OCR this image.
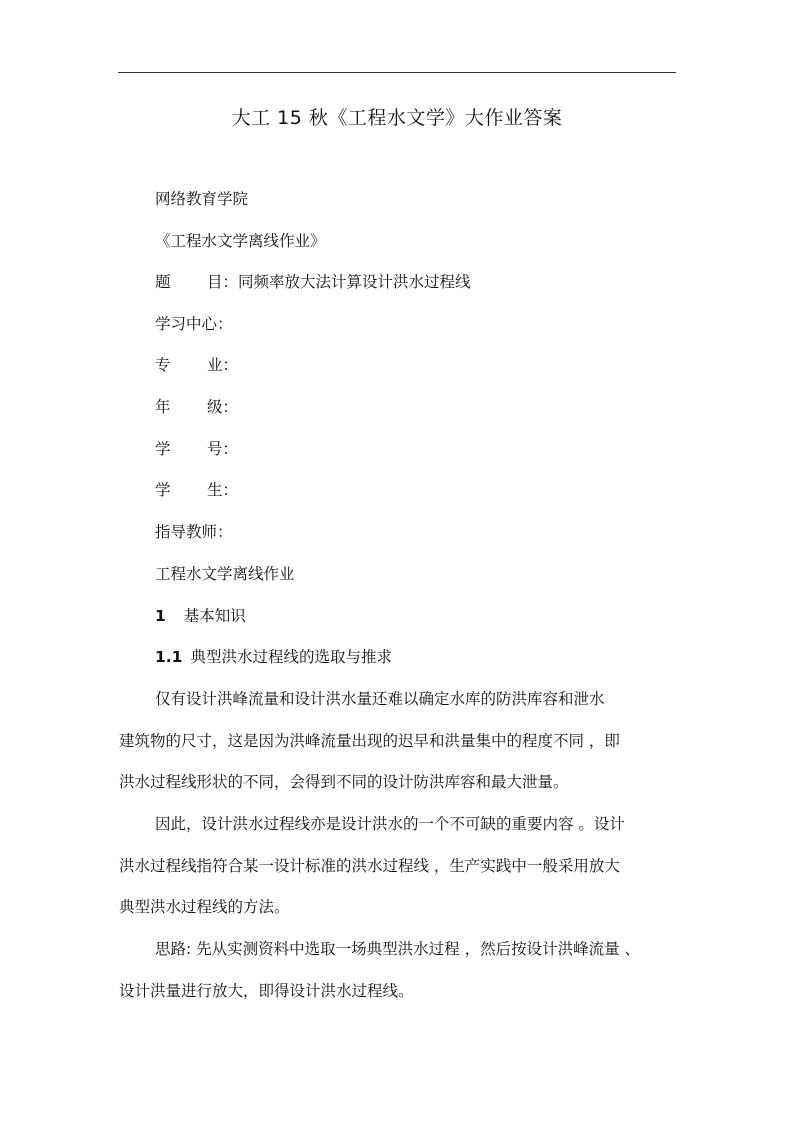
大工 15 秋《工程水文学》大作业答案
网络教育学院
《工程水文学离线作业》
题 目：同频率放大法计算设计洪水过程线
学习中心：
专 业：
年 级：
学 号：
学 生：
指导教师：
工程水文学离线作业
1 基本知识
1.1 典型洪水过程线的选取与推求
仅有设计洪峰流量和设计洪水量还难以确定水库的防洪库容和泄水
建筑物的尺寸，这是因为洪峰流量出现的迟早和洪量集中的程度不同 ，即
洪水过程线形状的不同，会得到不同的设计防洪库容和最大泄量。
因此，设计洪水过程线亦是设计洪水的一个不可缺的重要内容 。设计
洪水过程线指符合某一设计标准的洪水过程线 ，生产实践中一般采用放大
典型洪水过程线的方法。
思路: 先从实测资料中选取一场典型洪水过程 ，然后按设计洪峰流量 、
设计洪量进行放大，即得设计洪水过程线。
